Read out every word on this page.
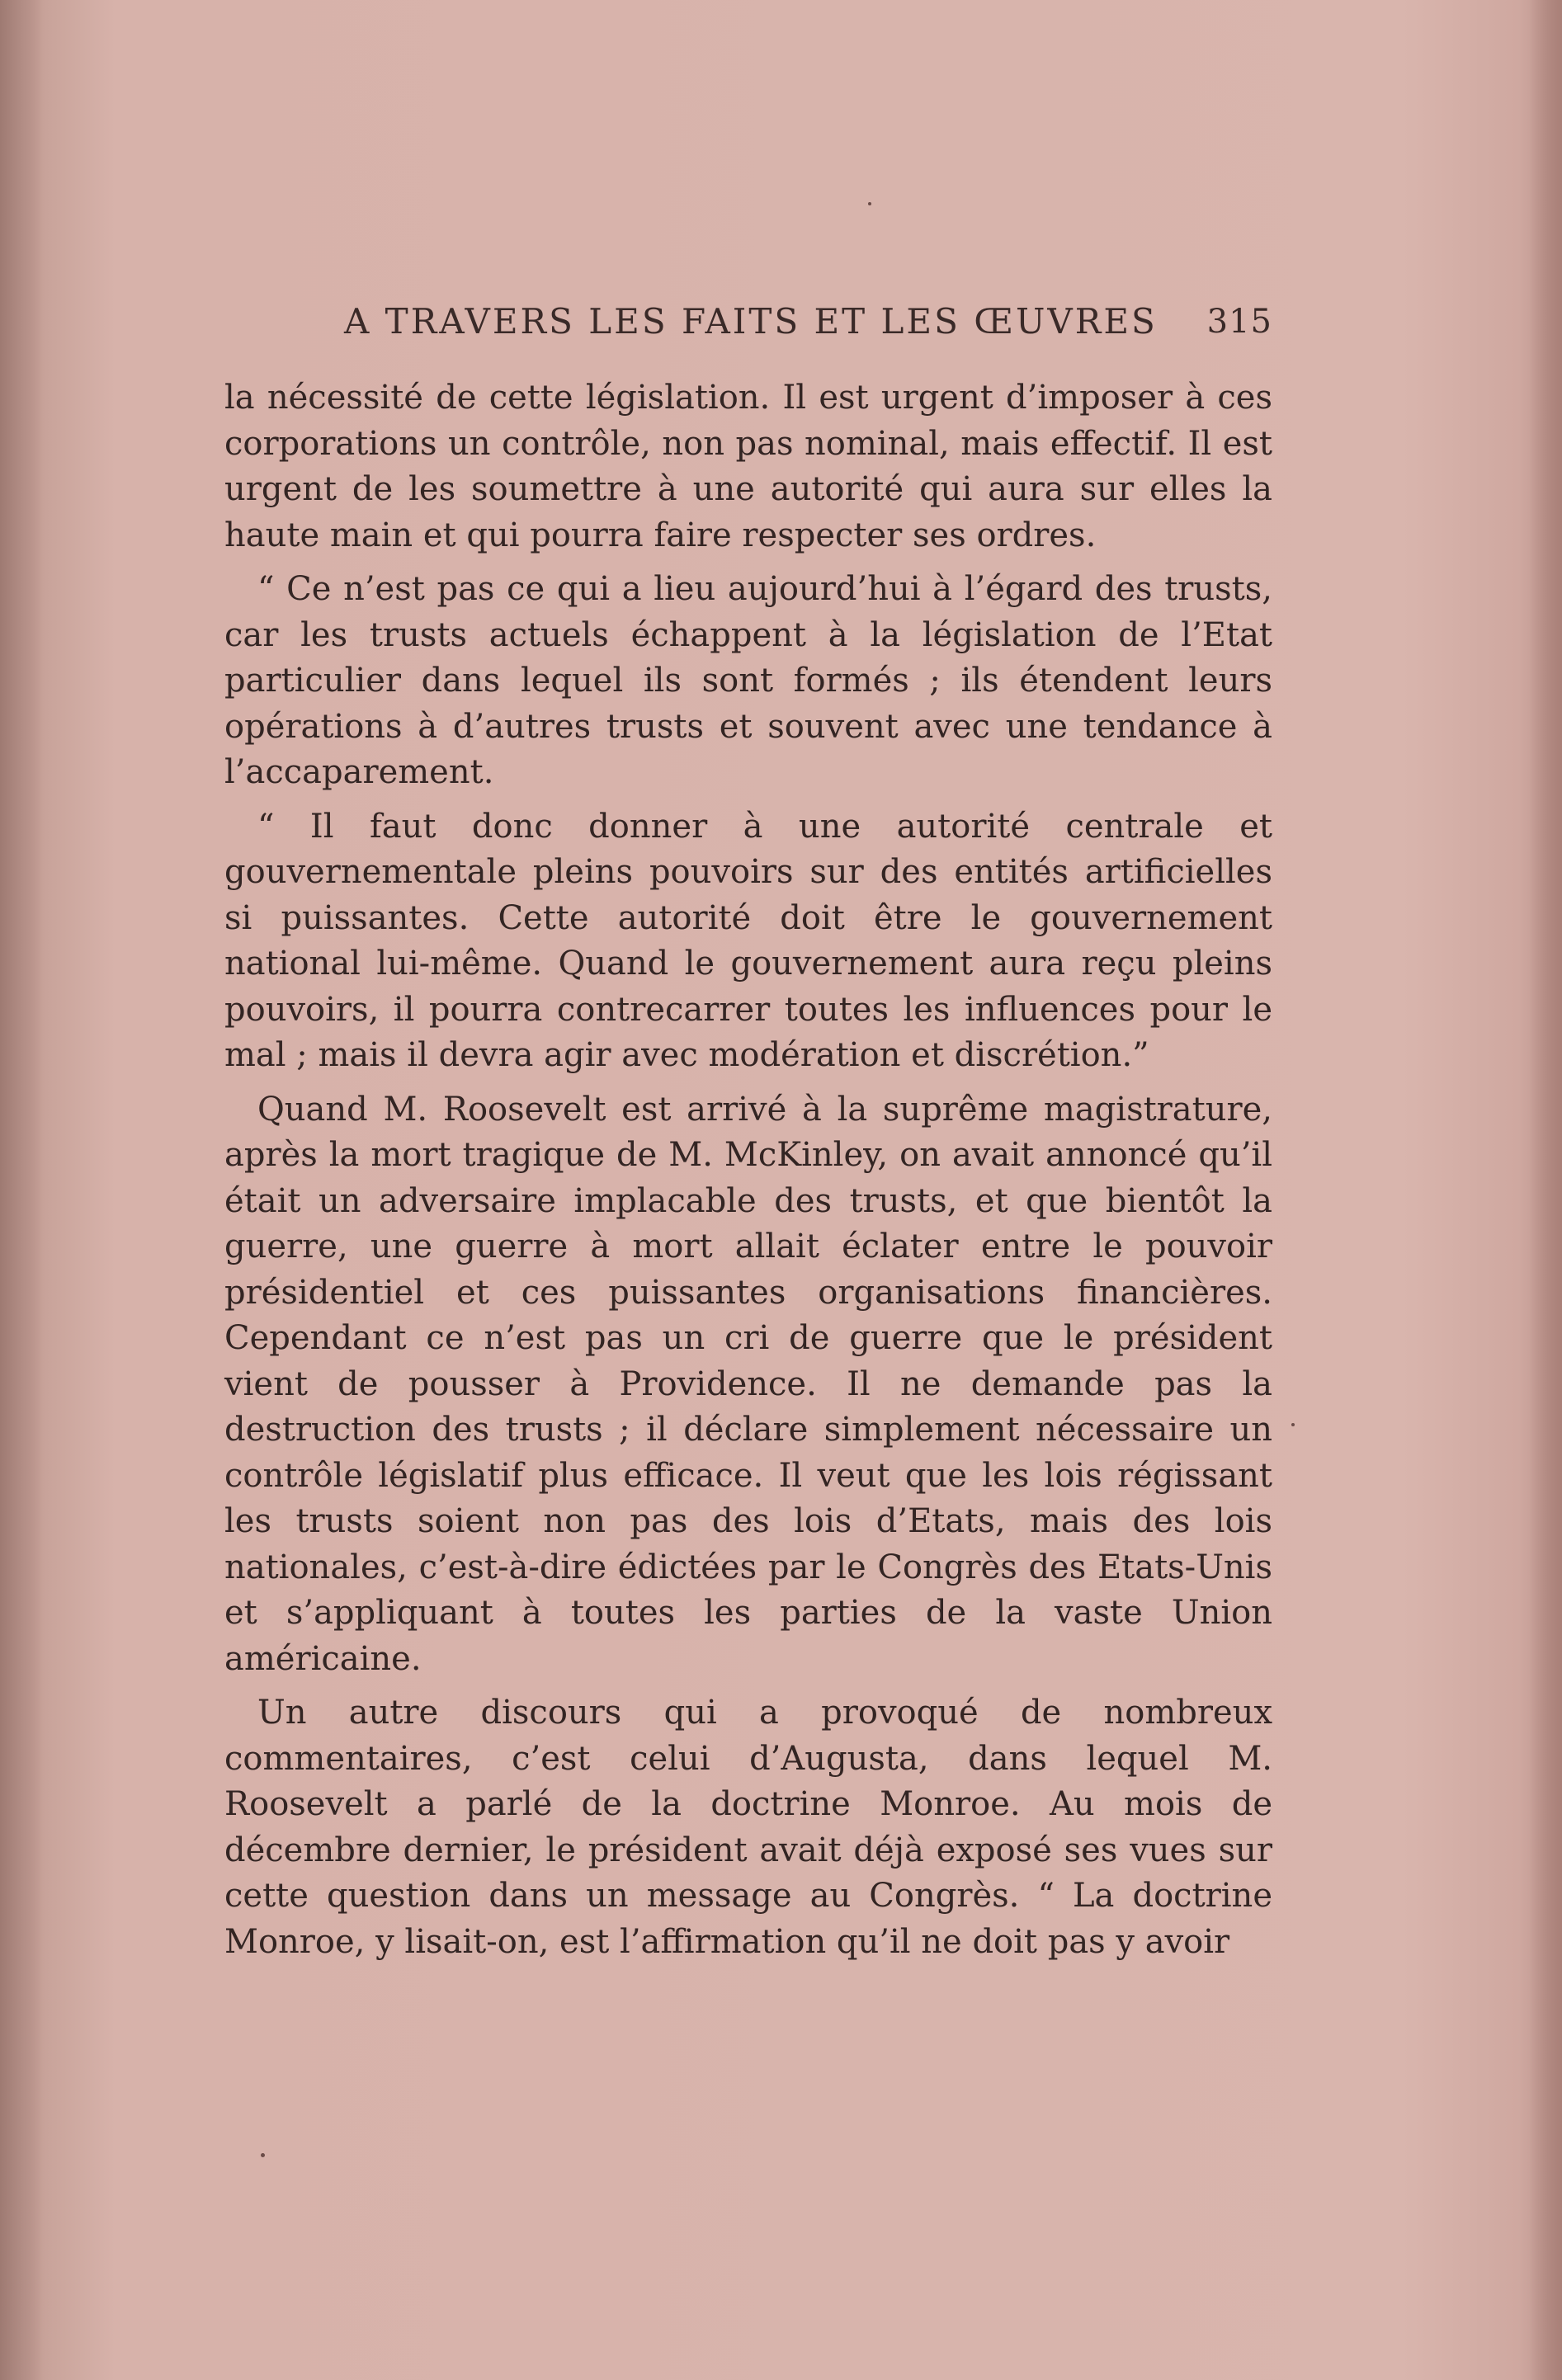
A TRAVERS LES FAITS ET LES ŒUVRES 315

la nécessité de cette législation. Il est urgent d’imposer à ces corporations un contrôle, non pas nominal, mais effectif. Il est urgent de les soumettre à une autorité qui aura sur elles la haute main et qui pourra faire respecter ses ordres.

“ Ce n’est pas ce qui a lieu aujourd’hui à l’égard des trusts, car les trusts actuels échappent à la législation de l’Etat particulier dans lequel ils sont formés ; ils étendent leurs opérations à d’autres trusts et souvent avec une tendance à l’accaparement.

“ Il faut donc donner à une autorité centrale et gouvernementale pleins pouvoirs sur des entités artificielles si puissantes. Cette autorité doit être le gouvernement national lui-même. Quand le gouvernement aura reçu pleins pouvoirs, il pourra contrecarrer toutes les influences pour le mal ; mais il devra agir avec modération et discrétion.”

Quand M. Roosevelt est arrivé à la suprême magistrature, après la mort tragique de M. McKinley, on avait annoncé qu’il était un adversaire implacable des trusts, et que bientôt la guerre, une guerre à mort allait éclater entre le pouvoir présidentiel et ces puissantes organisations financières. Cependant ce n’est pas un cri de guerre que le président vient de pousser à Providence. Il ne demande pas la destruction des trusts ; il déclare simplement nécessaire un contrôle législatif plus efficace. Il veut que les lois régissant les trusts soient non pas des lois d’Etats, mais des lois nationales, c’est-à-dire édictées par le Congrès des Etats-Unis et s’appliquant à toutes les parties de la vaste Union américaine.

Un autre discours qui a provoqué de nombreux commentaires, c’est celui d’Augusta, dans lequel M. Roosevelt a parlé de la doctrine Monroe. Au mois de décembre dernier, le président avait déjà exposé ses vues sur cette question dans un message au Congrès. “ La doctrine Monroe, y lisait-on, est l’affirmation qu’il ne doit pas y avoir
